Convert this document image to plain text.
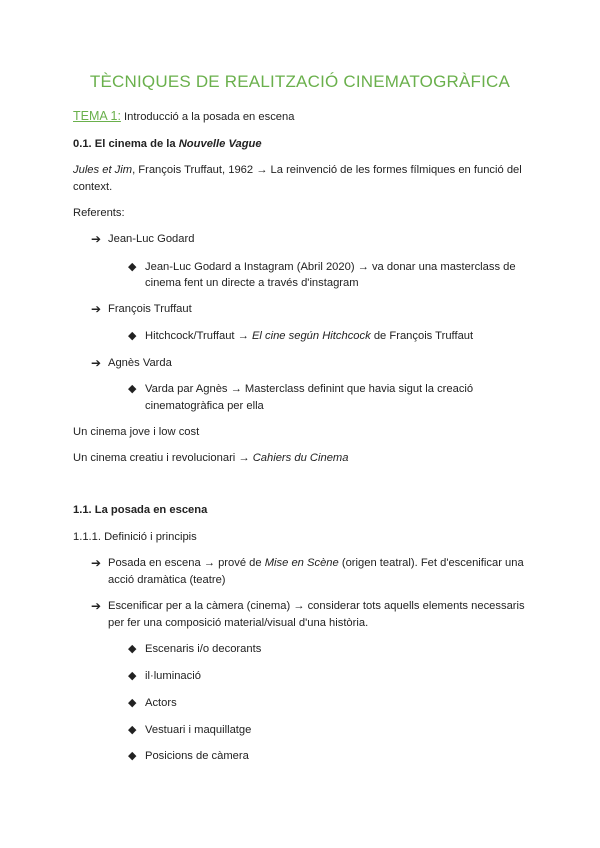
TÈCNIQUES DE REALITZACIÓ CINEMATOGRÀFICA
TEMA 1: Introducció a la posada en escena
0.1. El cinema de la Nouvelle Vague
Jules et Jim, François Truffaut, 1962 → La reinvenció de les formes fílmiques en funció del
context.
Referents:
➔ Jean-Luc Godard
◆ Jean-Luc Godard a Instagram (Abril 2020) → va donar una masterclass de
cinema fent un directe a través d'instagram
➔ François Truffaut
◆ Hitchcock/Truffaut → El cine según Hitchcock de François Truffaut
➔ Agnès Varda
◆ Varda par Agnès → Masterclass definint que havia sigut la creació
cinematogràfica per ella
Un cinema jove i low cost
Un cinema creatiu i revolucionari → Cahiers du Cinema
1.1. La posada en escena
1.1.1. Definició i principis
➔ Posada en escena → prové de Mise en Scène (origen teatral). Fet d'escenificar una
acció dramàtica (teatre)
➔ Escenificar per a la càmera (cinema) → considerar tots aquells elements necessaris
per fer una composició material/visual d'una història.
◆ Escenaris i/o decorants
◆ il·luminació
◆ Actors
◆ Vestuari i maquillatge
◆ Posicions de càmera
